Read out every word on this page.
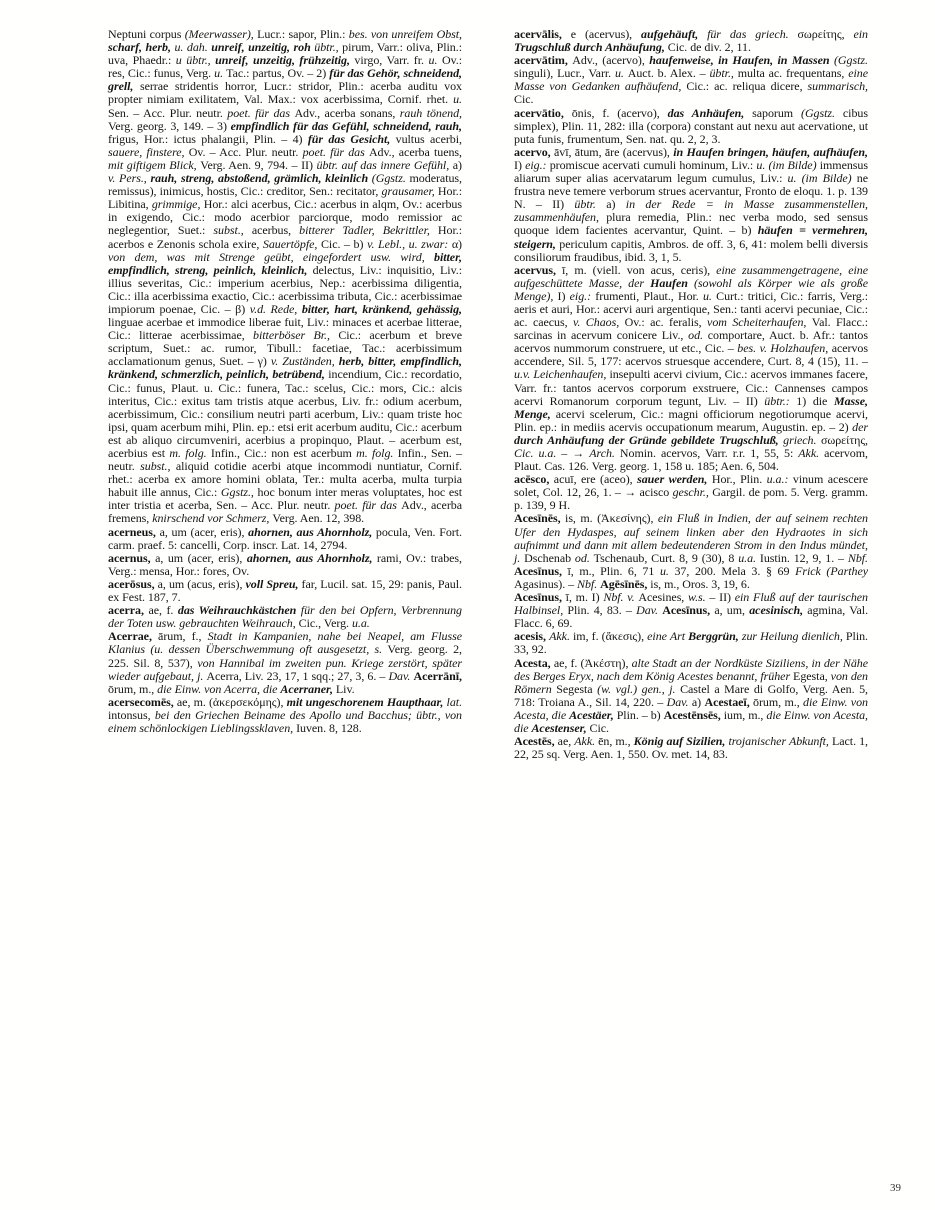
Neptuni corpus (Meerwasser), Lucr.: sapor, Plin.: bes. von unreifem Obst, scharf, herb, u. dah. unreif, unzeitig, roh übtr., pirum, Varr.: oliva, Plin.: uva, Phaedr.: u übtr., unreif, unzeitig, frühzeitig, virgo, Varr. fr. u. Ov.: res, Cic.: funus, Verg. u. Tac.: partus, Ov. – 2) für das Gehör, schneidend, grell, serrae stridentis horror, Lucr.: stridor, Plin.: acerba auditu vox propter nimiam exilitatem, Val. Max.: vox acerbissima, Cornif. rhet. u. Sen. – Acc. Plur. neutr. poet. für das Adv., acerba sonans, rauh tönend, Verg. georg. 3, 149. – 3) empfindlich für das Gefühl, schneidend, rauh, frigus, Hor.: ictus phalangii, Plin. – 4) für das Gesicht, vultus acerbi, sauere, finstere, Ov. – Acc. Plur. neutr. poet. für das Adv., acerba tuens, mit giftigem Blick, Verg. Aen. 9, 794. – II) übtr. auf das innere Gefühl, a) v. Pers., rauh, streng, abstoßend, grämlich, kleinlich (Ggstz. moderatus, remissus), inimicus, hostis, Cic.: creditor, Sen.: recitator, grausamer, Hor.: Libitina, grimmige, Hor.: alci acerbus, Cic.: acerbus in alqm, Ov.: acerbus in exigendo, Cic.: modo acerbior parciorque, modo remissior ac neglegentior, Suet.: subst., acerbus, bitterer Tadler, Bekrittler, Hor.: acerbos e Zenonis schola exire, Sauertöpfe, Cic. – b) v. Lebl., u. zwar: α) von dem, was mit Strenge geübt, eingefordert usw. wird, bitter, empfindlich, streng, peinlich, kleinlich, delectus, Liv.: inquisitio, Liv.: illius severitas, Cic.: imperium acerbius, Nep.: acerbissima diligentia, Cic.: illa acerbissima exactio, Cic.: acerbissima tributa, Cic.: acerbissimae impiorum poenae, Cic. – β) v.d. Rede, bitter, hart, kränkend, gehässig, linguae acerbae et immodice liberae fuit, Liv.: minaces et acerbae litterae, Cic.: litterae acerbissimae, bitterböser Br., Cic.: acerbum et breve scriptum, Suet.: ac. rumor, Tibull.: facetiae, Tac.: acerbissimum acclamationum genus, Suet. – γ) v. Zuständen, herb, bitter, empfindlich, kränkend, schmerzlich, peinlich, betrübend, incendium, Cic.: recordatio, Cic.: funus, Plaut. u. Cic.: funera, Tac.: scelus, Cic.: mors, Cic.: alcis interitus, Cic.: exitus tam tristis atque acerbus, Liv. fr.: odium acerbum, acerbissimum, Cic.: consilium neutri parti acerbum, Liv.: quam triste hoc ipsi, quam acerbum mihi, Plin. ep.: etsi erit acerbum auditu, Cic.: acerbum est ab aliquo circumveniri, acerbius a propinquo, Plaut. – acerbum est, acerbius est m. folg. Infin., Cic.: non est acerbum m. folg. Infin., Sen. – neutr. subst., aliquid cotidie acerbi atque incommodi nuntiatur, Cornif. rhet.: acerba ex amore homini oblata, Ter.: multa acerba, multa turpia habuit ille annus, Cic.: Ggstz., hoc bonum inter meras voluptates, hoc est inter tristia et acerba, Sen. – Acc. Plur. neutr. poet. für das Adv., acerba fremens, knirschend vor Schmerz, Verg. Aen. 12, 398.

acerneus, a, um (acer, eris), ahornen, aus Ahornholz, pocula, Ven. Fort. carm. praef. 5: cancelli, Corp. inscr. Lat. 14, 2794.

acernus, a, um (acer, eris), ahornen, aus Ahornholz, rami, Ov.: trabes, Verg.: mensa, Hor.: fores, Ov.

acerōsus, a, um (acus, eris), voll Spreu, far, Lucil. sat. 15, 29: panis, Paul. ex Fest. 187, 7.

acerra, ae, f. das Weihrauchkästchen für den bei Opfern, Verbrennung der Toten usw. gebrauchten Weihrauch, Cic., Verg. u.a.

Acerrae, ārum, f., Stadt in Kampanien, nahe bei Neapel, am Flusse Klanius (u. dessen Überschwemmung oft ausgesetzt, s. Verg. georg. 2, 225. Sil. 8, 537), von Hannibal im zweiten pun. Kriege zerstört, später wieder aufgebaut, j. Acerra, Liv. 23, 17, 1 sqq.; 27, 3, 6. – Dav. Acerrānī, ōrum, m., die Einw. von Acerra, die Acerraner, Liv.

acersecomēs, ae, m. (ἀκερσεκόμης), mit ungeschorenem Haupthaar, lat. intonsus, bei den Griechen Beiname des Apollo und Bacchus; übtr., von einem schönlockigen Lieblingssklaven, Iuven. 8, 128.

acervālis, e (acervus), aufgehäuft, für das griech. σωρείτης, ein Trugschluß durch Anhäufung, Cic. de div. 2, 11.

acervātim, Adv., (acervo), haufenweise, in Haufen, in Massen (Ggstz. singuli), Lucr., Varr. u. Auct. b. Alex. – übtr., multa ac. frequentans, eine Masse von Gedanken aufhäufend, Cic.: ac. reliqua dicere, summarisch, Cic.

acervātio, ōnis, f. (acervo), das Anhäufen, saporum (Ggstz. cibus simplex), Plin. 11, 282: illa (corpora) constant aut nexu aut acervatione, ut puta funis, frumentum, Sen. nat. qu. 2, 2, 3.

acervo, āvī, ātum, āre (acervus), in Haufen bringen, häufen, aufhäufen, I) eig.: promiscue acervati cumuli hominum, Liv.: u. (im Bilde) immensus aliarum super alias acervatarum legum cumulus, Liv.: u. (im Bilde) ne frustra neve temere verborum strues acervantur, Fronto de eloqu. 1. p. 139 N. – II) übtr. a) in der Rede = in Masse zusammenstellen, zusammenhäufen, plura remedia, Plin.: nec verba modo, sed sensus quoque idem facientes acervantur, Quint. – b) häufen = vermehren, steigern, periculum capitis, Ambros. de off. 3, 6, 41: molem belli diversis consiliorum fraudibus, ibid. 3, 1, 5.

acervus, ī, m. (viell. von acus, ceris), eine zusammengetragene, eine aufgeschüttete Masse, der Haufen (sowohl als Körper wie als große Menge), I) eig.: frumenti, Plaut., Hor. u. Curt.: tritici, Cic.: farris, Verg.: aeris et auri, Hor.: acervi auri argentique, Sen.: tanti acervi pecuniae, Cic.: ac. caecus, v. Chaos, Ov.: ac. feralis, vom Scheiterhaufen, Val. Flacc.: sarcinas in acervum conicere Liv., od. comportare, Auct. b. Afr.: tantos acervos nummorum construere, ut etc., Cic. – bes. v. Holzhaufen, acervos accendere, Sil. 5, 177: acervos struesque accendere, Curt. 8, 4 (15), 11. – u.v. Leichenhaufen, insepulti acervi civium, Cic.: acervos immanes facere, Varr. fr.: tantos acervos corporum exstruere, Cic.: Cannenses campos acervi Romanorum corporum tegunt, Liv. – II) übtr.: 1) die Masse, Menge, acervi scelerum, Cic.: magni officiorum negotiorumque acervi, Plin. ep.: in mediis acervis occupationum mearum, Augustin. ep. – 2) der durch Anhäufung der Gründe gebildete Trugschluß, griech. σωρείτης, Cic. u.a. – → Arch. Nomin. acervos, Varr. r.r. 1, 55, 5: Akk. acervom, Plaut. Cas. 126. Verg. georg. 1, 158 u. 185; Aen. 6, 504.

acēsco, acuī, ere (aceo), sauer werden, Hor., Plin. u.a.: vinum acescere solet, Col. 12, 26, 1. – → acisco geschr., Gargil. de pom. 5. Verg. gramm. p. 139, 9 H.

Acesīnēs, is, m. (Ἀκεσίνης), ein Fluß in Indien, der auf seinem rechten Ufer den Hydaspes, auf seinem linken aber den Hydraotes in sich aufnimmt und dann mit allem bedeutenderen Strom in den Indus mündet, j. Dschenab od. Tschenaub, Curt. 8, 9 (30), 8 u.a. Iustin. 12, 9, 1. – Nbf. Acesīnus, ī, m., Plin. 6, 71 u. 37, 200. Mela 3. § 69 Frick (Parthey Agasinus). – Nbf. Agēsīnēs, is, m., Oros. 3, 19, 6.

Acesīnus, ī, m. I) Nbf. v. Acesines, w.s. – II) ein Fluß auf der taurischen Halbinsel, Plin. 4, 83. – Dav. Acesīnus, a, um, acesinisch, agmina, Val. Flacc. 6, 69.

acesis, Akk. im, f. (ἄκεσις), eine Art Berggrün, zur Heilung dienlich, Plin. 33, 92.

Acesta, ae, f. (Ἀκέστη), alte Stadt an der Nordküste Siziliens, in der Nähe des Berges Eryx, nach dem König Acestes benannt, früher Egesta, von den Römern Segesta (w. vgl.) gen., j. Castel a Mare di Golfo, Verg. Aen. 5, 718: Troiana A., Sil. 14, 220. – Dav. a) Acestaeī, ōrum, m., die Einw. von Acesta, die Acestäer, Plin. – b) Acestēnsēs, ium, m., die Einw. von Acesta, die Acestenser, Cic.

Acestēs, ae, Akk. ēn, m., König auf Sizilien, trojanischer Abkunft, Lact. 1, 22, 25 sq. Verg. Aen. 1, 550. Ov. met. 14, 83.

39
